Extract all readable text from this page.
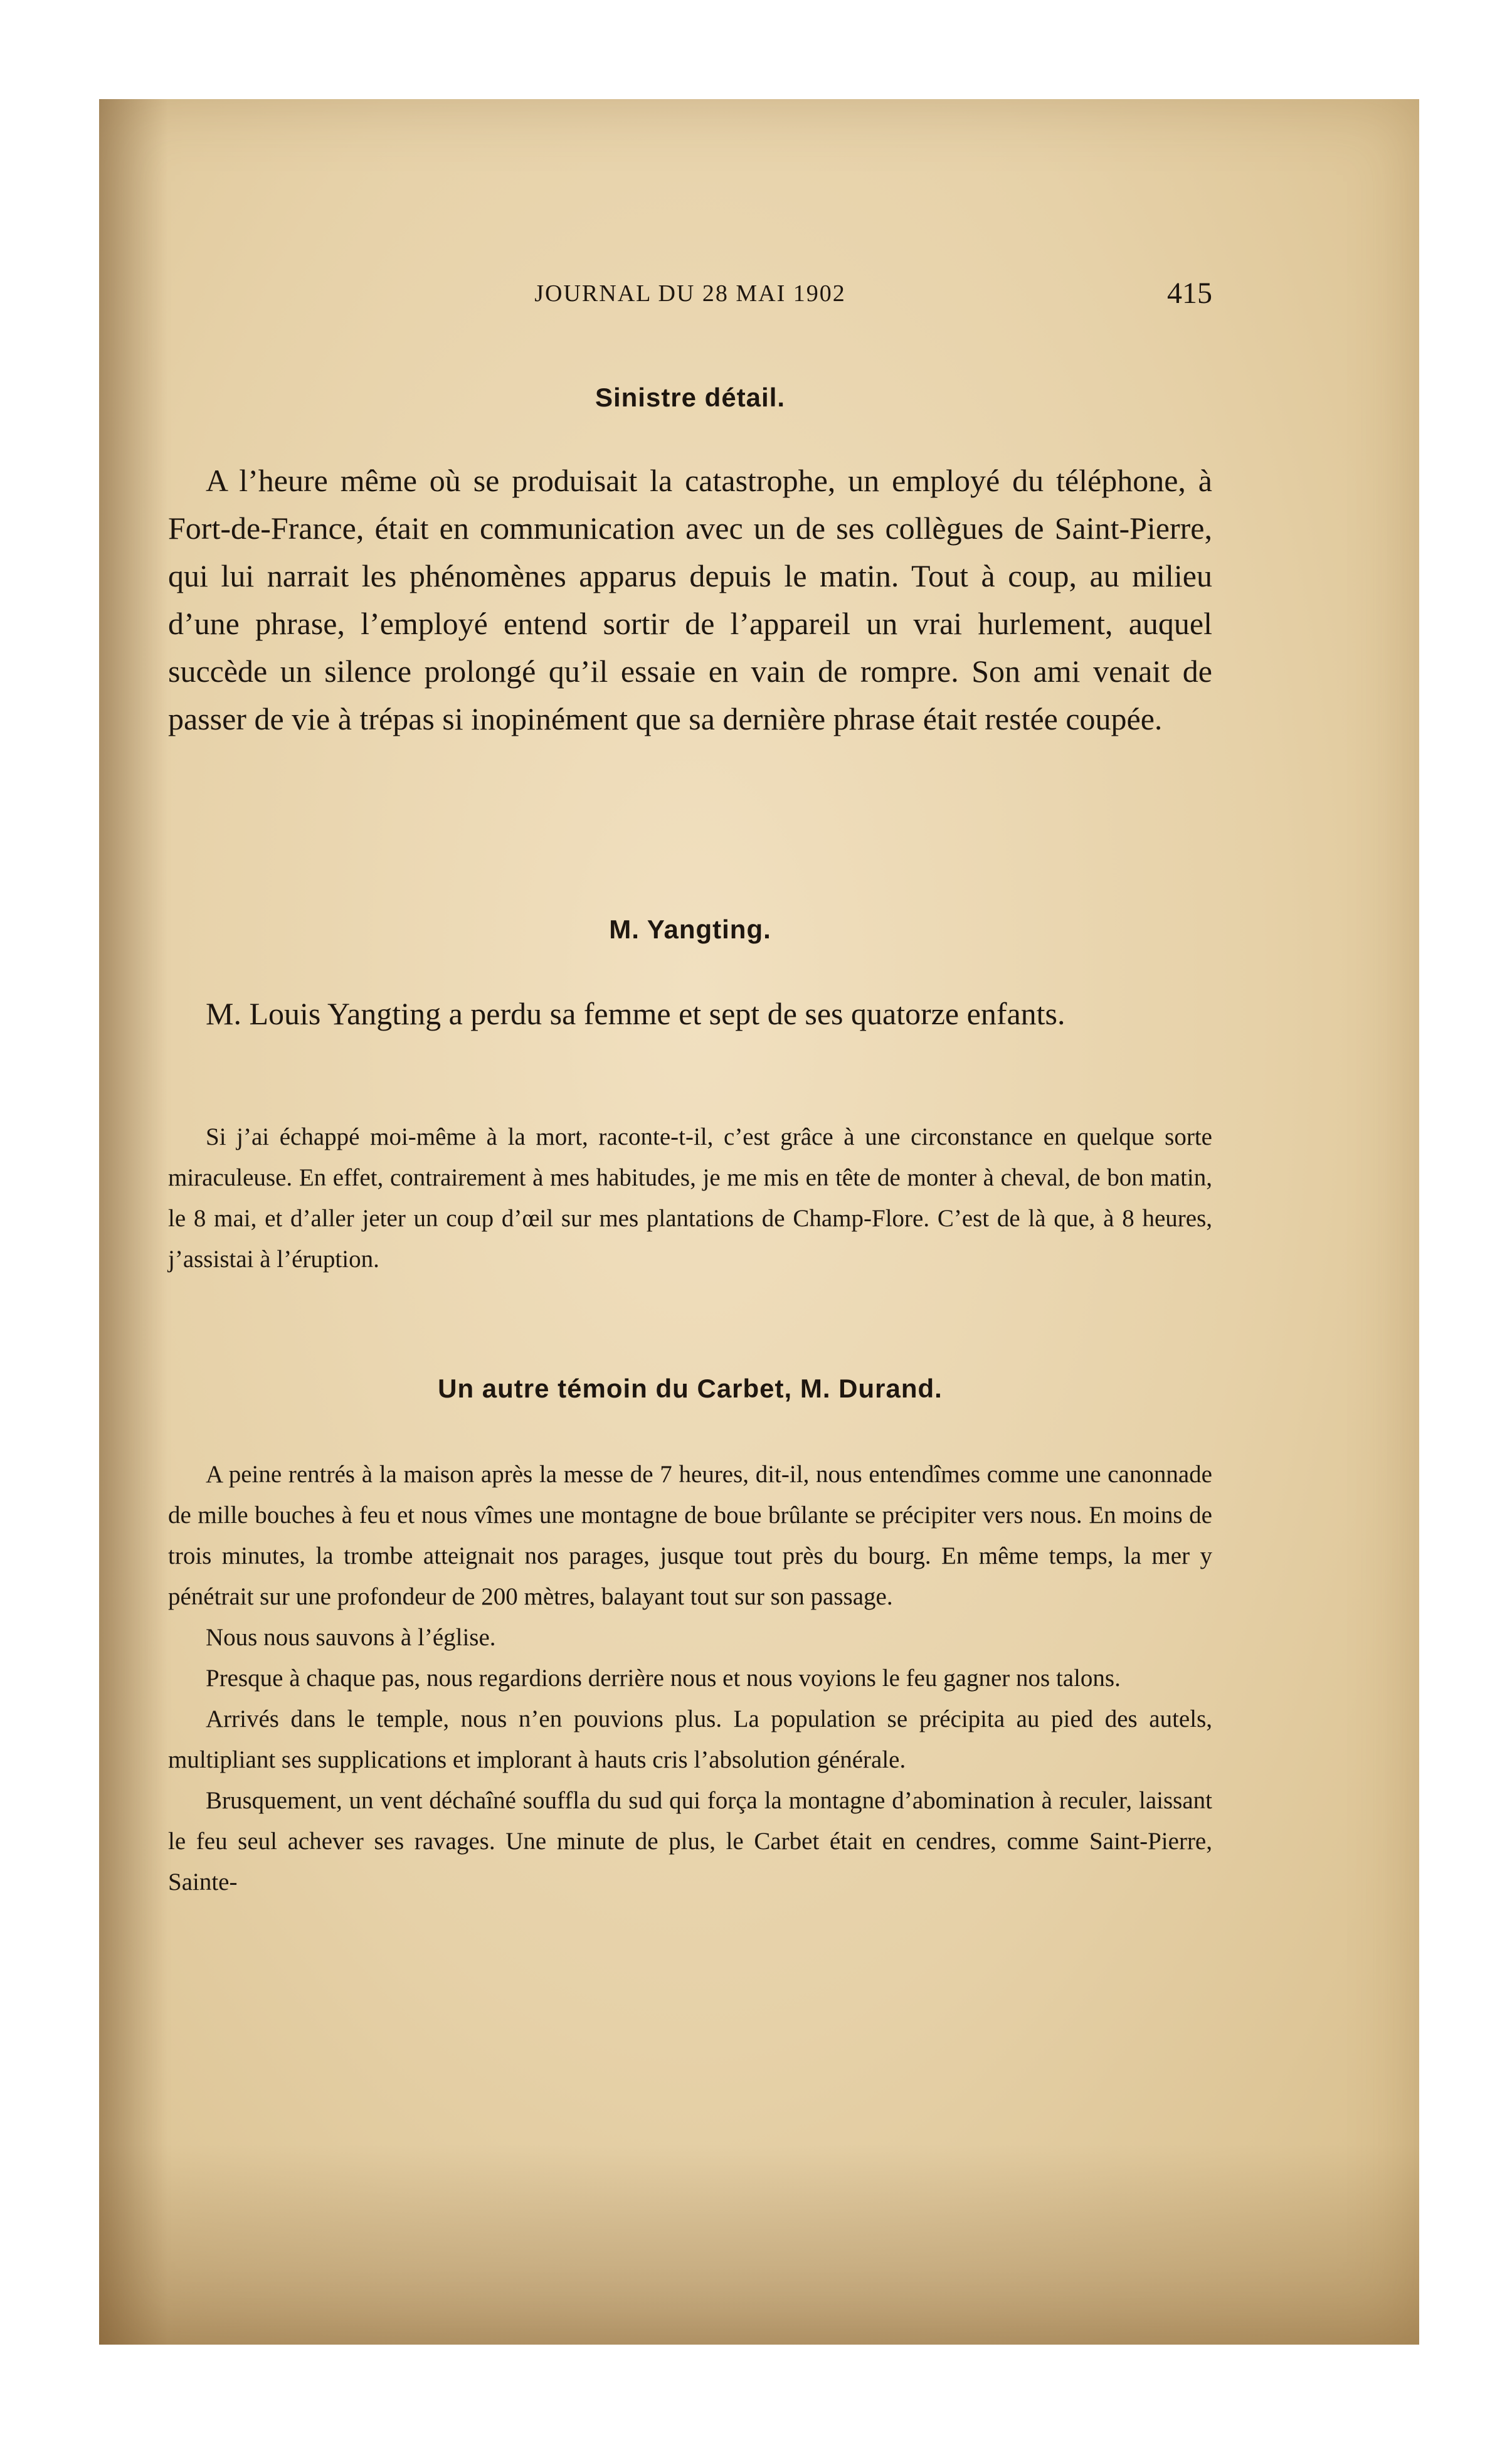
JOURNAL DU 28 MAI 1902	415
Sinistre détail.

A l’heure même où se produisait la catastrophe, un employé du téléphone, à Fort-de-France, était en communication avec un de ses collègues de Saint-Pierre, qui lui narrait les phénomènes apparus depuis le matin. Tout à coup, au milieu d’une phrase, l’employé entend sortir de l’appareil un vrai hurlement, auquel succède un silence prolongé qu’il essaie en vain de rompre. Son ami venait de passer de vie à trépas si inopinément que sa dernière phrase était restée coupée.

M. Yangting.

M. Louis Yangting a perdu sa femme et sept de ses quatorze enfants.

Si j’ai échappé moi-même à la mort, raconte-t-il, c’est grâce à une circonstance en quelque sorte miraculeuse. En effet, contrairement à mes habitudes, je me mis en tête de monter à cheval, de bon matin, le 8 mai, et d’aller jeter un coup d’œil sur mes plantations de Champ-Flore. C’est de là que, à 8 heures, j’assistai à l’éruption.

Un autre témoin du Carbet, M. Durand.

A peine rentrés à la maison après la messe de 7 heures, dit-il, nous entendîmes comme une canonnade de mille bouches à feu et nous vîmes une montagne de boue brûlante se précipiter vers nous. En moins de trois minutes, la trombe atteignait nos parages, jusque tout près du bourg. En même temps, la mer y pénétrait sur une profondeur de 200 mètres, balayant tout sur son passage.

Nous nous sauvons à l’église.

Presque à chaque pas, nous regardions derrière nous et nous voyions le feu gagner nos talons.

Arrivés dans le temple, nous n’en pouvions plus. La population se précipita au pied des autels, multipliant ses supplications et implorant à hauts cris l’absolution générale.

Brusquement, un vent déchaîné souffla du sud qui força la montagne d’abomination à reculer, laissant le feu seul achever ses ravages. Une minute de plus, le Carbet était en cendres, comme Saint-Pierre, Sainte-
